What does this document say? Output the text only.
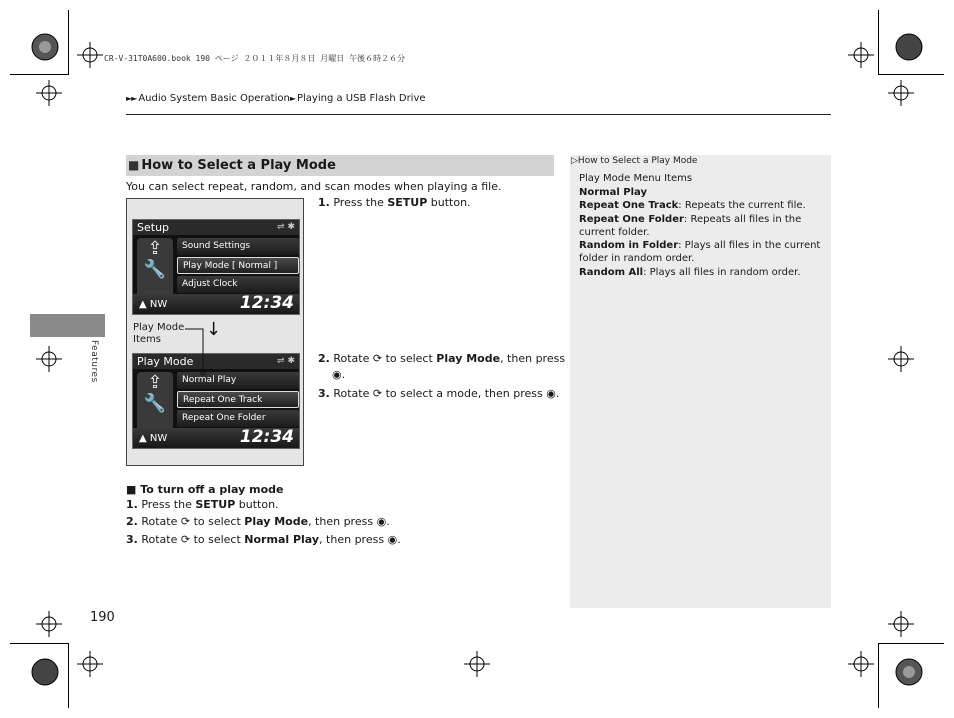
CR-V-31T0A600.book 190 ページ ２０１１年８月８日 月曜日 午後６時２６分
►► Audio System Basic Operation► Playing a USB Flash Drive
Features
190
■ How to Select a Play Mode
You can select repeat, random, and scan modes when playing a file.
Setup	⇌ ✱
⇪
🔧
Sound Settings
Play Mode [ Normal ]
Adjust Clock
▲ NW	12:34
Play Mode	⇌ ✱
⇪
🔧
Normal Play
Repeat One Track
Repeat One Folder
▲ NW	12:34
↓
Play Mode
Items
1. Press the SETUP button.
2. Rotate ⟳ to select Play Mode, then press
◉.
3. Rotate ⟳ to select a mode, then press ◉.
■ To turn off a play mode
1. Press the SETUP button.
2. Rotate ⟳ to select Play Mode, then press ◉.
3. Rotate ⟳ to select Normal Play, then press ◉.
▷How to Select a Play Mode
Play Mode Menu Items
Normal Play
Repeat One Track: Repeats the current file.
Repeat One Folder: Repeats all files in the current folder.
Random in Folder: Plays all files in the current folder in random order.
Random All: Plays all files in random order.
